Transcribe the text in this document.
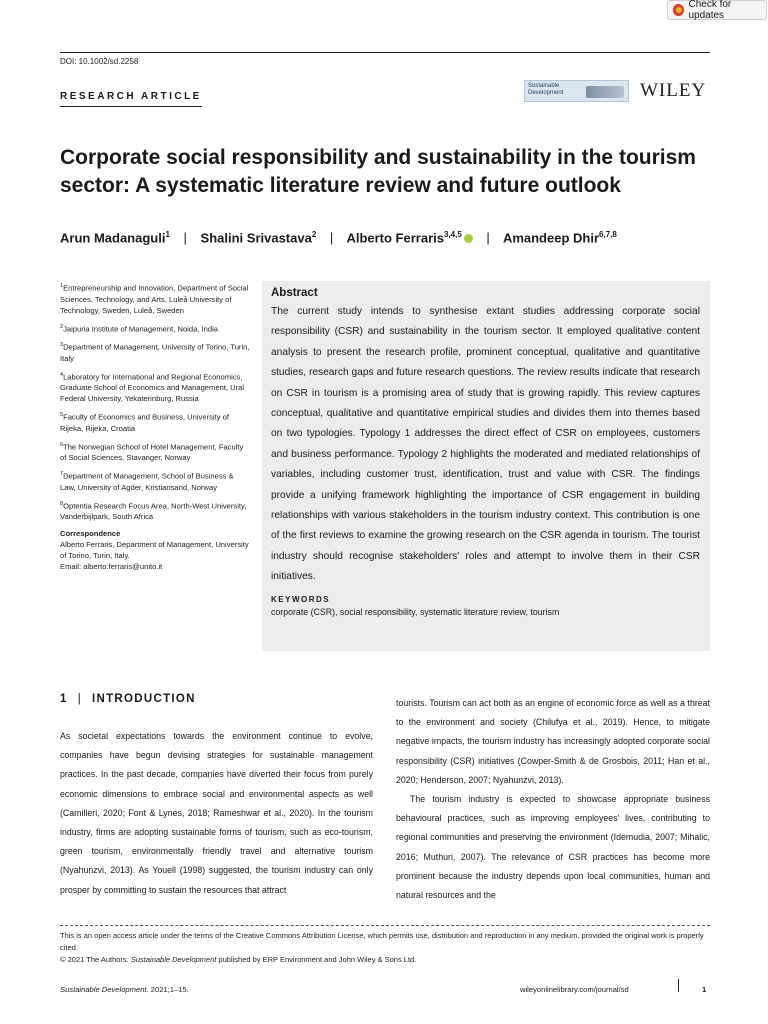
Check for updates
DOI: 10.1002/sd.2258
RESEARCH ARTICLE
Sustainable
Development	WILEY
Corporate social responsibility and sustainability in the tourism sector: A systematic literature review and future outlook
Arun Madanaguli$^1$ | Shalini Srivastava$^2$ | Alberto Ferraris$^{3,4,5}$ | Amandeep Dhir$^{6,7,8}$

$^1$Entrepreneurship and Innovation, Department of Social Sciences, Technology, and Arts, Luleå University of Technology, Sweden, Luleå, Sweden

$^2$Jaipuria Institute of Management, Noida, India

$^3$Department of Management, University of Torino, Turin, Italy

$^4$Laboratory for International and Regional Economics, Graduate School of Economics and Management, Ural Federal University, Yekaterinburg, Russia

$^5$Faculty of Economics and Business, University of Rijeka, Rijeka, Croatia

$^6$The Norwegian School of Hotel Management, Faculty of Social Sciences, Stavanger, Norway

$^7$Department of Management, School of Business & Law, University of Agder, Kristiansand, Norway

$^8$Optentia Research Focus Area, North-West University, Vanderbijlpark, South Africa

Correspondence

Alberto Ferraris, Department of Management, University of Torino, Turin, Italy.

Email: alberto.ferraris@unito.it

Abstract
The current study intends to synthesise extant studies addressing corporate social responsibility (CSR) and sustainability in the tourism sector. It employed qualitative content analysis to present the research profile, prominent conceptual, qualitative and quantitative studies, research gaps and future research questions. The review results indicate that research on CSR in tourism is a promising area of study that is growing rapidly. This review captures conceptual, qualitative and quantitative empirical studies and divides them into themes based on two typologies. Typology 1 addresses the direct effect of CSR on employees, customers and business performance. Typology 2 highlights the moderated and mediated relationships of variables, including customer trust, identification, trust and value with CSR. The findings provide a unifying framework highlighting the importance of CSR engagement in building relationships with various stakeholders in the tourism industry context. This contribution is one of the first reviews to examine the growing research on the CSR agenda in tourism. The tourist industry should recognise stakeholders' roles and attempt to involve them in their CSR initiatives.
KEYWORDS
corporate (CSR), social responsibility, systematic literature review, tourism
1 | INTRODUCTION

As societal expectations towards the environment continue to evolve, companies have begun devising strategies for sustainable management practices. In the past decade, companies have diverted their focus from purely economic dimensions to embrace social and environmental aspects as well (Camilleri, 2020; Font & Lynes, 2018; Rameshwar et al., 2020). In the tourism industry, firms are adopting sustainable forms of tourism, such as eco-tourism, green tourism, environmentally friendly travel and alternative tourism (Nyahunzvi, 2013). As Youell (1998) suggested, the tourism industry can only prosper by committing to sustain the resources that attract

tourists. Tourism can act both as an engine of economic force as well as a threat to the environment and society (Chilufya et al., 2019). Hence, to mitigate negative impacts, the tourism industry has increasingly adopted corporate social responsibility (CSR) initiatives (Cowper-Smith & de Grosbois, 2011; Han et al., 2020; Henderson, 2007; Nyahunzvi, 2013).

The tourism industry is expected to showcase appropriate business behavioural practices, such as improving employees' lives, contributing to regional communities and preserving the environment (Idemudia, 2007; Mihalic, 2016; Muthuri, 2007). The relevance of CSR practices has become more prominent because the industry depends upon local communities, human and natural resources and the

This is an open access article under the terms of the Creative Commons Attribution License, which permits use, distribution and reproduction in any medium, provided the original work is properly cited.

© 2021 The Authors. Sustainable Development published by ERP Environment and John Wiley & Sons Ltd.

Sustainable Development. 2021;1–15.	wileyonlinelibrary.com/journal/sd	1
